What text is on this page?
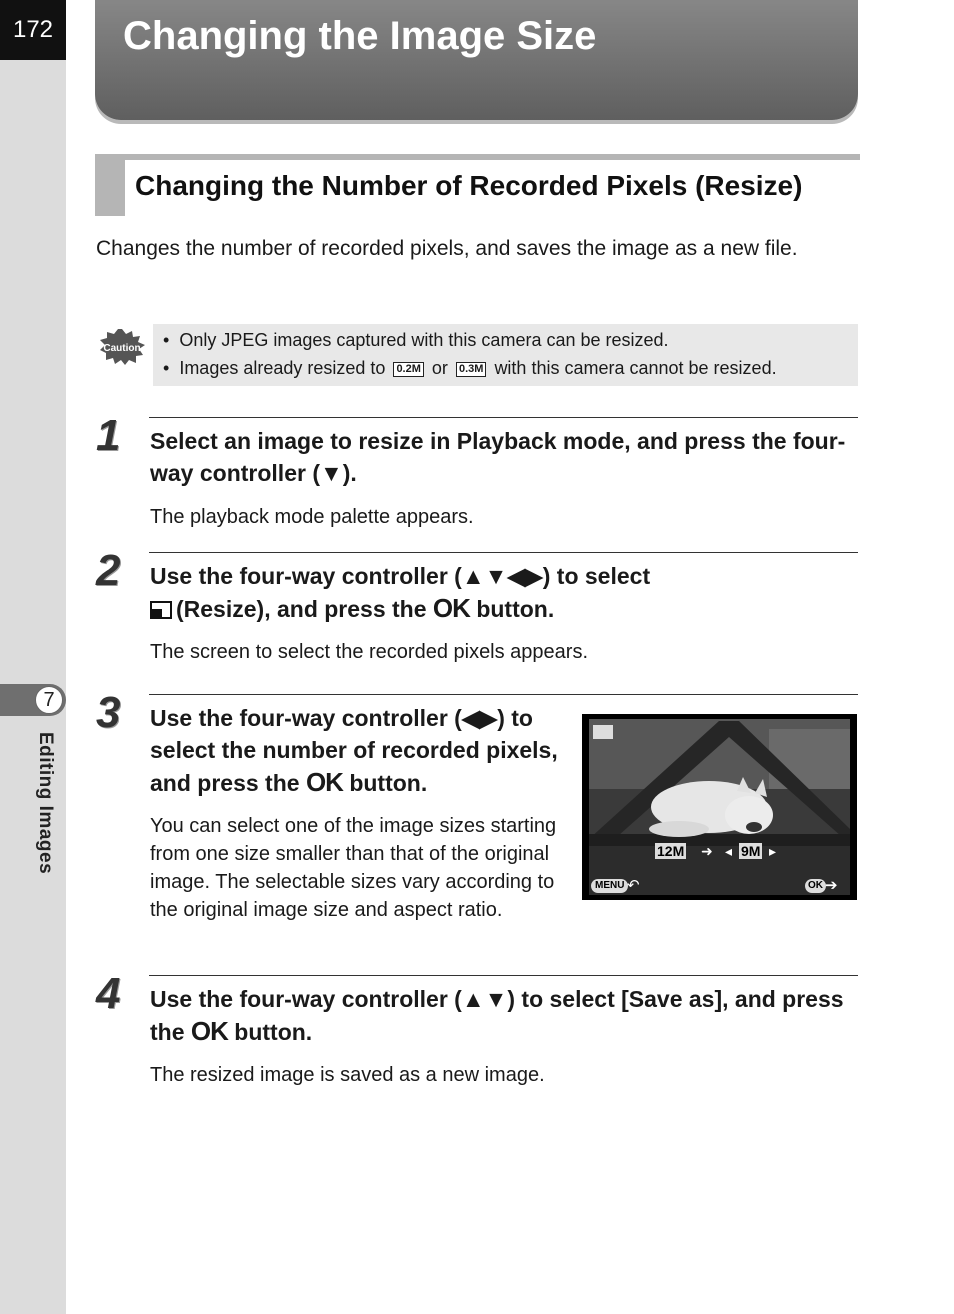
172
7
Editing Images
Changing the Image Size
Changing the Number of Recorded Pixels (Resize)
Changes the number of recorded pixels, and saves the image as a new file.
Caution •  Only JPEG images captured with this camera can be resized.
•  Images already resized to 0.2M or 0.3M with this camera cannot be resized.
1	Select an image to resize in Playback mode, and press the four-way controller (▼).
The playback mode palette appears.
2	Use the four-way controller (▲▼◀▶) to select
(Resize), and press the OK button.
The screen to select the recorded pixels appears.
3	Use the four-way controller (◀▶) to select the number of recorded pixels, and press the OK button.
You can select one of the image sizes starting from one size smaller than that of the original image. The selectable sizes vary according to the original image size and aspect ratio.
12M ➜ ◂ 9M ▸
MENU ↶	OK ➔
4	Use the four-way controller (▲▼) to select [Save as], and press the OK button.
The resized image is saved as a new image.
